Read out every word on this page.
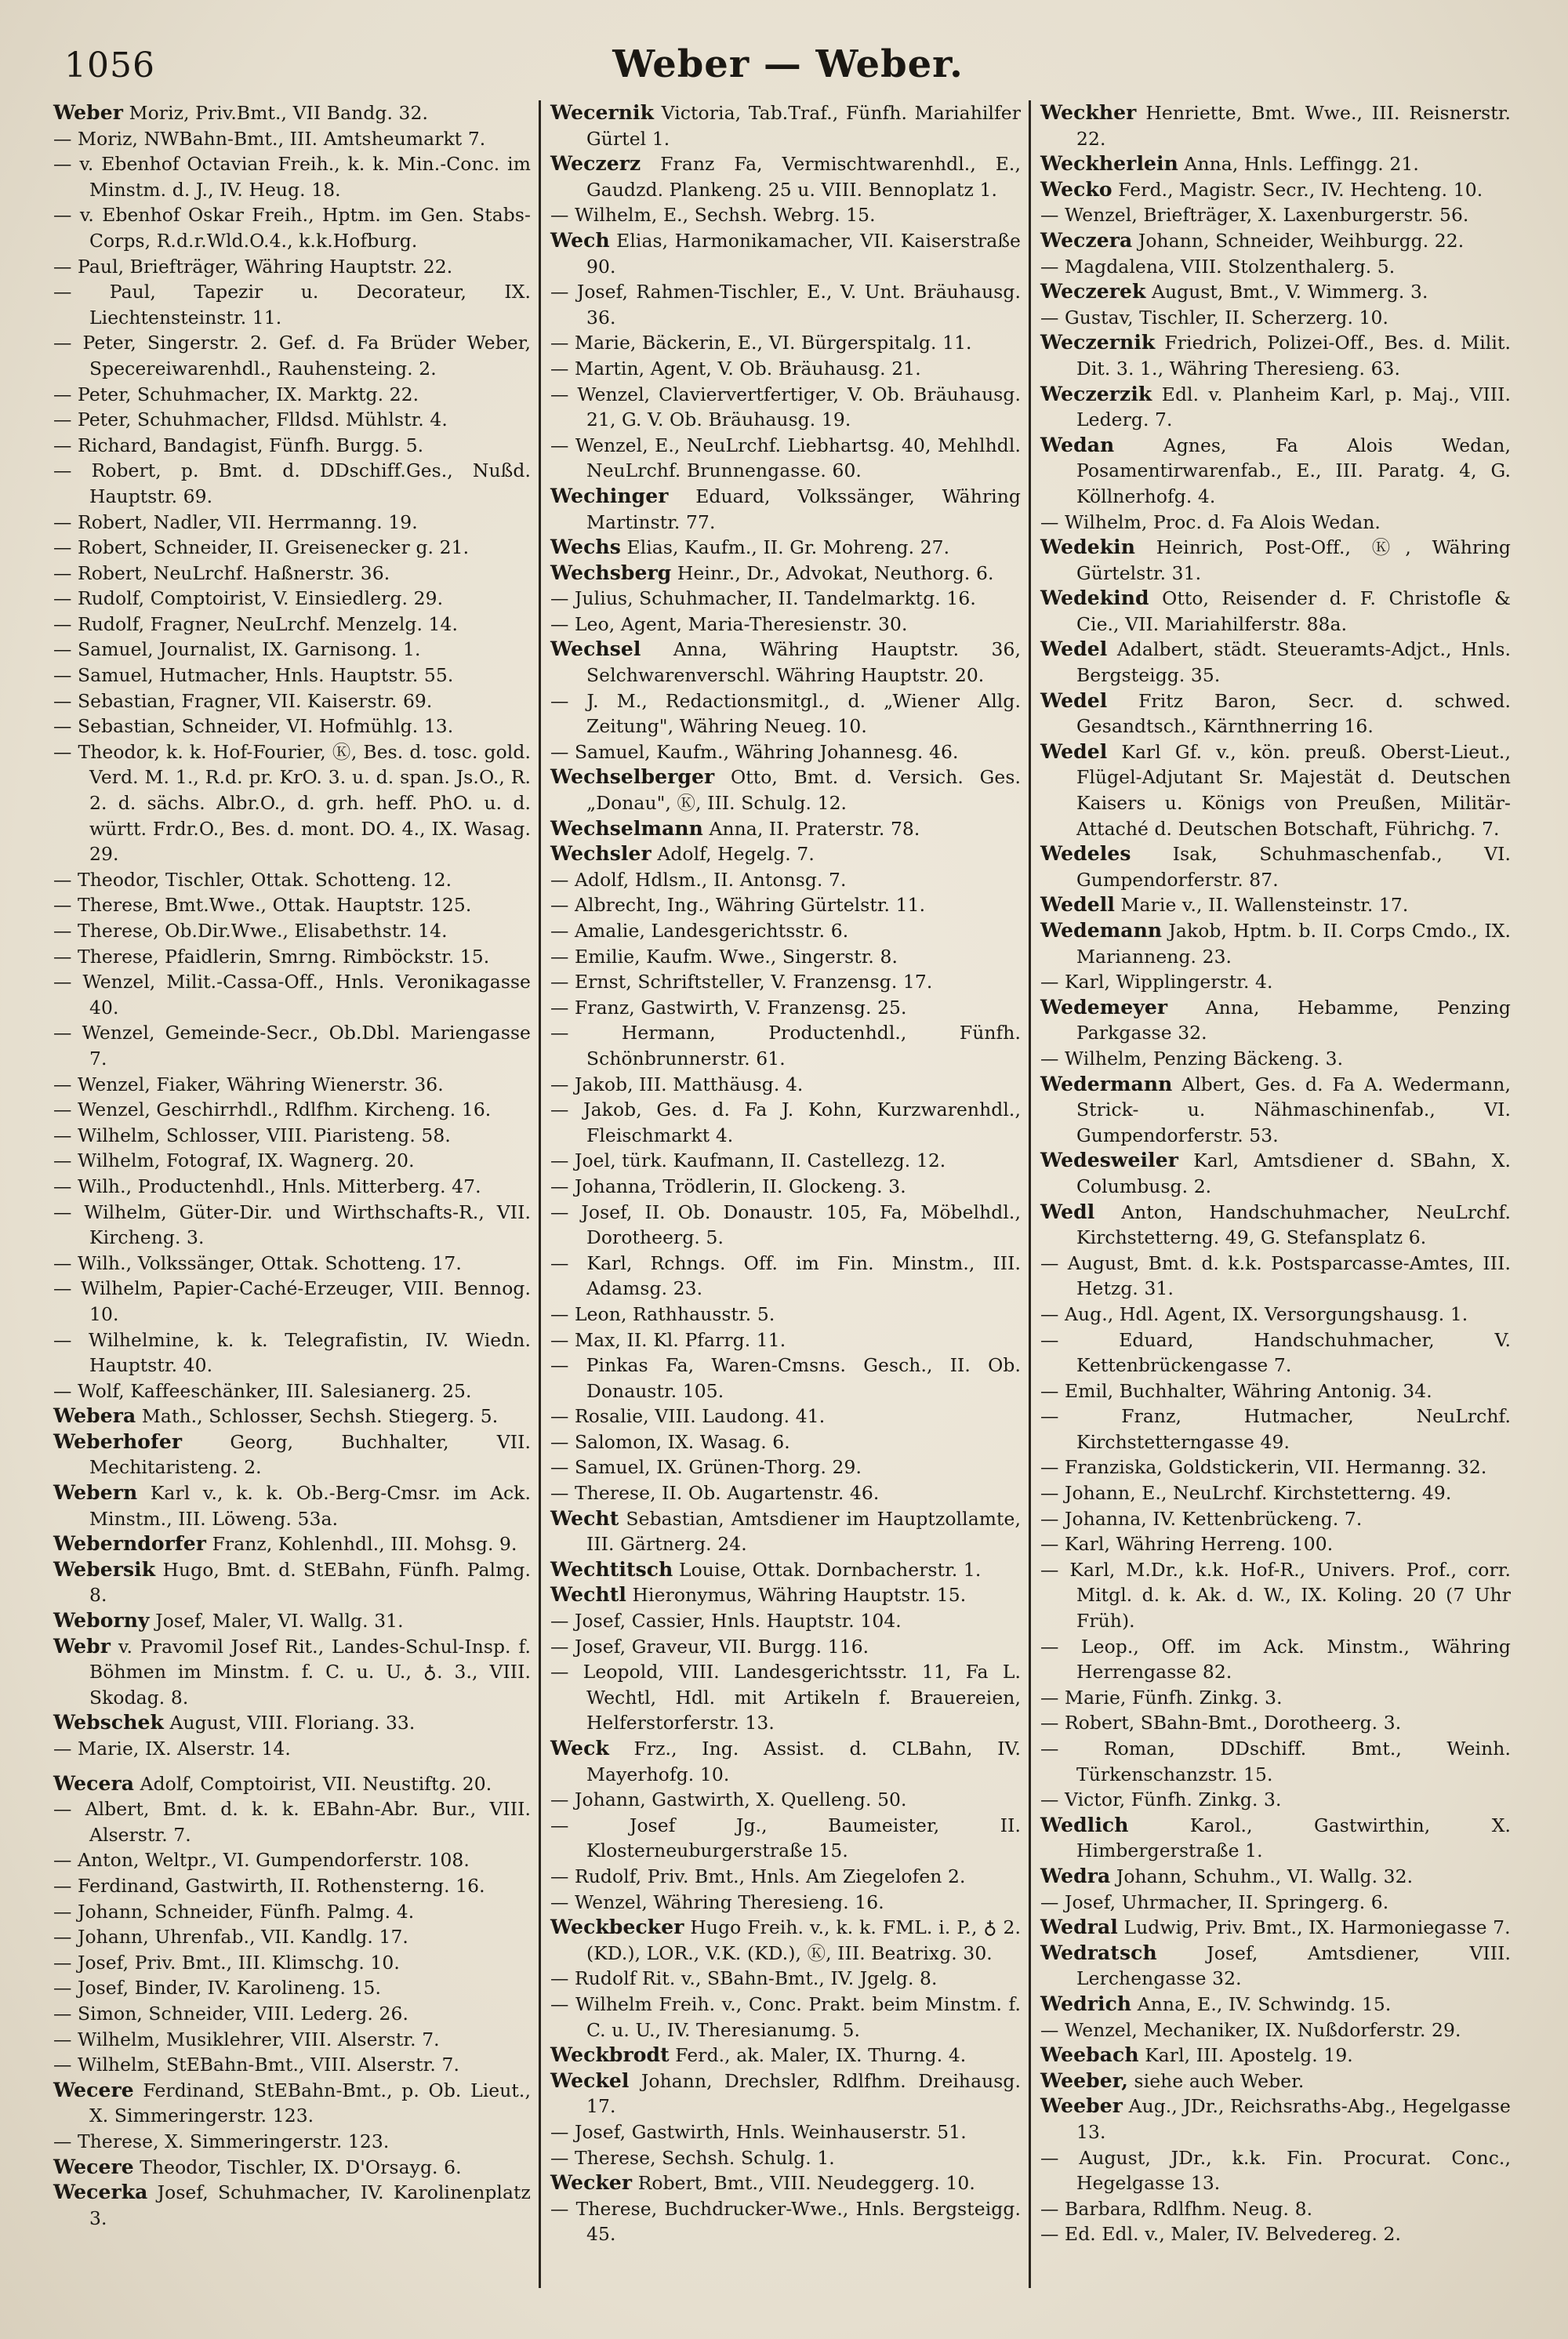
1056	Weber — Weber.
Weber Moriz, Priv.Bmt., VII Bandg. 32.
— Moriz, NWBahn-Bmt., III. Amtsheumarkt 7.
— v. Ebenhof Octavian Freih., k. k. Min.-Conc. im Minstm. d. J., IV. Heug. 18.
— v. Ebenhof Oskar Freih., Hptm. im Gen. Stabs-Corps, R.d.r.Wld.O.4., k.k.Hofburg.
— Paul, Briefträger, Währing Hauptstr. 22.
— Paul, Tapezir u. Decorateur, IX. Liechtensteinstr. 11.
— Peter, Singerstr. 2. Gef. d. Fa Brüder Weber, Specereiwarenhdl., Rauhensteing. 2.
— Peter, Schuhmacher, IX. Marktg. 22.
— Peter, Schuhmacher, Flldsd. Mühlstr. 4.
— Richard, Bandagist, Fünfh. Burgg. 5.
— Robert, p. Bmt. d. DDschiff.Ges., Nußd. Hauptstr. 69.
— Robert, Nadler, VII. Herrmanng. 19.
— Robert, Schneider, II. Greisenecker g. 21.
— Robert, NeuLrchf. Haßnerstr. 36.
— Rudolf, Comptoirist, V. Einsiedlerg. 29.
— Rudolf, Fragner, NeuLrchf. Menzelg. 14.
— Samuel, Journalist, IX. Garnisong. 1.
— Samuel, Hutmacher, Hnls. Hauptstr. 55.
— Sebastian, Fragner, VII. Kaiserstr. 69.
— Sebastian, Schneider, VI. Hofmühlg. 13.
— Theodor, k. k. Hof-Fourier, Ⓚ, Bes. d. tosc. gold. Verd. M. 1., R.d. pr. KrO. 3. u. d. span. Js.O., R. 2. d. sächs. Albr.O., d. grh. heff. PhO. u. d. württ. Frdr.O., Bes. d. mont. DO. 4., IX. Wasag. 29.
— Theodor, Tischler, Ottak. Schotteng. 12.
— Therese, Bmt.Wwe., Ottak. Hauptstr. 125.
— Therese, Ob.Dir.Wwe., Elisabethstr. 14.
— Therese, Pfaidlerin, Smrng. Rimböckstr. 15.
— Wenzel, Milit.-Cassa-Off., Hnls. Veronikagasse 40.
— Wenzel, Gemeinde-Secr., Ob.Dbl. Mariengasse 7.
— Wenzel, Fiaker, Währing Wienerstr. 36.
— Wenzel, Geschirrhdl., Rdlfhm. Kircheng. 16.
— Wilhelm, Schlosser, VIII. Piaristeng. 58.
— Wilhelm, Fotograf, IX. Wagnerg. 20.
— Wilh., Productenhdl., Hnls. Mitterberg. 47.
— Wilhelm, Güter-Dir. und Wirthschafts-R., VII. Kircheng. 3.
— Wilh., Volkssänger, Ottak. Schotteng. 17.
— Wilhelm, Papier-Caché-Erzeuger, VIII. Bennog. 10.
— Wilhelmine, k. k. Telegrafistin, IV. Wiedn. Hauptstr. 40.
— Wolf, Kaffeeschänker, III. Salesianerg. 25.
Webera Math., Schlosser, Sechsh. Stiegerg. 5.
Weberhofer	Georg, Buchhalter, VII. Mechitaristeng. 2.
Webern Karl v., k. k. Ob.-Berg-Cmsr. im Ack. Minstm., III. Löweng. 53a.
Weberndorfer Franz, Kohlenhdl., III. Mohsg. 9.
Webersik Hugo, Bmt. d. StEBahn, Fünfh. Palmg. 8.
Weborny Josef, Maler, VI. Wallg. 31.
Webr v. Pravomil Josef Rit., Landes-Schul-Insp. f. Böhmen im Minstm. f. C. u. U., ♁. 3., VIII. Skodag. 8.
Webschek August, VIII. Floriang. 33.
— Marie, IX. Alserstr. 14.
Wecera Adolf, Comptoirist, VII. Neustiftg. 20.
— Albert, Bmt. d. k. k. EBahn-Abr. Bur., VIII. Alserstr. 7.
— Anton, Weltpr., VI. Gumpendorferstr. 108.
— Ferdinand, Gastwirth, II. Rothensterng. 16.
— Johann, Schneider, Fünfh. Palmg. 4.
— Johann, Uhrenfab., VII. Kandlg. 17.
— Josef, Priv. Bmt., III. Klimschg. 10.
— Josef, Binder, IV. Karolineng. 15.
— Simon, Schneider, VIII. Lederg. 26.
— Wilhelm, Musiklehrer, VIII. Alserstr. 7.
— Wilhelm, StEBahn-Bmt., VIII. Alserstr. 7.
Wecere Ferdinand, StEBahn-Bmt., p. Ob. Lieut., X. Simmeringerstr. 123.
— Therese, X. Simmeringerstr. 123.
Wecere Theodor, Tischler, IX. D'Orsayg. 6.
Wecerka Josef, Schuhmacher, IV. Karolinenplatz 3.
Wecernik Victoria, Tab.Traf., Fünfh. Mariahilfer Gürtel 1.
Weczerz Franz Fa, Vermischtwarenhdl., E., Gaudzd. Plankeng. 25 u. VIII. Bennoplatz 1.
— Wilhelm, E., Sechsh. Webrg. 15.
Wech Elias, Harmonikamacher, VII. Kaiserstraße 90.
— Josef, Rahmen-Tischler, E., V. Unt. Bräuhausg. 36.
— Marie, Bäckerin, E., VI. Bürgerspitalg. 11.
— Martin, Agent, V. Ob. Bräuhausg. 21.
— Wenzel, Claviervertfertiger, V. Ob. Bräuhausg. 21, G. V. Ob. Bräuhausg. 19.
— Wenzel, E., NeuLrchf. Liebhartsg. 40, Mehlhdl. NeuLrchf. Brunnengasse. 60.
Wechinger Eduard, Volkssänger, Währing Martinstr. 77.
Wechs Elias, Kaufm., II. Gr. Mohreng. 27.
Wechsberg Heinr., Dr., Advokat, Neuthorg. 6.
— Julius, Schuhmacher, II. Tandelmarktg. 16.
— Leo, Agent, Maria-Theresienstr. 30.
Wechsel Anna, Währing Hauptstr. 36, Selchwarenverschl. Währing Hauptstr. 20.
— J. M., Redactionsmitgl., d. „Wiener Allg. Zeitung", Währing Neueg. 10.
— Samuel, Kaufm., Währing Johannesg. 46.
Wechselberger Otto, Bmt. d. Versich. Ges. „Donau", Ⓚ, III. Schulg. 12.
Wechselmann Anna, II. Praterstr. 78.
Wechsler Adolf, Hegelg. 7.
— Adolf, Hdlsm., II. Antonsg. 7.
— Albrecht, Ing., Währing Gürtelstr. 11.
— Amalie, Landesgerichtsstr. 6.
— Emilie, Kaufm. Wwe., Singerstr. 8.
— Ernst, Schriftsteller, V. Franzensg. 17.
— Franz, Gastwirth, V. Franzensg. 25.
— Hermann, Productenhdl., Fünfh. Schönbrunnerstr. 61.
— Jakob, III. Matthäusg. 4.
— Jakob, Ges. d. Fa J. Kohn, Kurzwarenhdl., Fleischmarkt 4.
— Joel, türk. Kaufmann, II. Castellezg. 12.
— Johanna, Trödlerin, II. Glockeng. 3.
— Josef, II. Ob. Donaustr. 105, Fa, Möbelhdl., Dorotheerg. 5.
— Karl, Rchngs. Off. im Fin. Minstm., III. Adamsg. 23.
— Leon, Rathhausstr. 5.
— Max, II. Kl. Pfarrg. 11.
— Pinkas Fa, Waren-Cmsns. Gesch., II. Ob. Donaustr. 105.
— Rosalie, VIII. Laudong. 41.
— Salomon, IX. Wasag. 6.
— Samuel, IX. Grünen-Thorg. 29.
— Therese, II. Ob. Augartenstr. 46.
Wecht Sebastian, Amtsdiener im Hauptzollamte, III. Gärtnerg. 24.
Wechtitsch Louise, Ottak. Dornbacherstr. 1.
Wechtl Hieronymus, Währing Hauptstr. 15.
— Josef, Cassier, Hnls. Hauptstr. 104.
— Josef, Graveur, VII. Burgg. 116.
— Leopold, VIII. Landesgerichtsstr. 11, Fa L. Wechtl, Hdl. mit Artikeln f. Brauereien, Helferstorferstr. 13.
Weck Frz., Ing. Assist. d. CLBahn, IV. Mayerhofg. 10.
— Johann, Gastwirth, X. Quelleng. 50.
— Josef Jg., Baumeister, II. Klosterneuburgerstraße 15.
— Rudolf, Priv. Bmt., Hnls. Am Ziegelofen 2.
— Wenzel, Währing Theresieng. 16.
Weckbecker Hugo Freih. v., k. k. FML. i. P., ♁ 2. (KD.), LOR., V.K. (KD.), Ⓚ, III. Beatrixg. 30.
— Rudolf Rit. v., SBahn-Bmt., IV. Jgelg. 8.
— Wilhelm Freih. v., Conc. Prakt. beim Minstm. f. C. u. U., IV. Theresianumg. 5.
Weckbrodt Ferd., ak. Maler, IX. Thurng. 4.
Weckel Johann, Drechsler, Rdlfhm. Dreihausg. 17.
— Josef, Gastwirth, Hnls. Weinhauserstr. 51.
— Therese, Sechsh. Schulg. 1.
Wecker Robert, Bmt., VIII. Neudeggerg. 10.
— Therese, Buchdrucker-Wwe., Hnls. Bergsteigg. 45.
Weckher Henriette, Bmt. Wwe., III. Reisnerstr. 22.
Weckherlein Anna, Hnls. Leffingg. 21.
Wecko Ferd., Magistr. Secr., IV. Hechteng. 10.
— Wenzel, Briefträger, X. Laxenburgerstr. 56.
Weczera Johann, Schneider, Weihburgg. 22.
— Magdalena, VIII. Stolzenthalerg. 5.
Weczerek August, Bmt., V. Wimmerg. 3.
— Gustav, Tischler, II. Scherzerg. 10.
Weczernik Friedrich, Polizei-Off., Bes. d. Milit. Dit. 3. 1., Währing Theresieng. 63.
Weczerzik Edl. v. Planheim Karl, p. Maj., VIII. Lederg. 7.
Wedan	Agnes, Fa Alois Wedan, Posamentirwarenfab., E., III. Paratg. 4, G. Köllnerhofg. 4.
— Wilhelm, Proc. d. Fa Alois Wedan.
Wedekin Heinrich, Post-Off., Ⓚ, Währing Gürtelstr. 31.
Wedekind Otto, Reisender d. F. Christofle & Cie., VII. Mariahilferstr. 88a.
Wedel Adalbert, städt. Steueramts-Adjct., Hnls. Bergsteigg. 35.
Wedel Fritz Baron, Secr. d. schwed. Gesandtsch., Kärnthnerring 16.
Wedel Karl Gf. v., kön. preuß. Oberst-Lieut., Flügel-Adjutant Sr. Majestät d. Deutschen Kaisers u. Königs von Preußen, Militär-Attaché d. Deutschen Botschaft, Führichg. 7.
Wedeles Isak, Schuhmaschenfab., VI. Gumpendorferstr. 87.
Wedell Marie v., II. Wallensteinstr. 17.
Wedemann Jakob, Hptm. b. II. Corps Cmdo., IX. Marianneng. 23.
— Karl, Wipplingerstr. 4.
Wedemeyer Anna, Hebamme, Penzing Parkgasse 32.
— Wilhelm, Penzing Bäckeng. 3.
Wedermann Albert, Ges. d. Fa A. Wedermann, Strick- u. Nähmaschinenfab., VI. Gumpendorferstr. 53.
Wedesweiler Karl, Amtsdiener d. SBahn, X. Columbusg. 2.
Wedl Anton, Handschuhmacher, NeuLrchf. Kirchstetterng. 49, G. Stefansplatz 6.
— August, Bmt. d. k.k. Postsparcasse-Amtes, III. Hetzg. 31.
— Aug., Hdl. Agent, IX. Versorgungshausg. 1.
— Eduard, Handschuhmacher, V. Kettenbrückengasse 7.
— Emil, Buchhalter, Währing Antonig. 34.
— Franz, Hutmacher, NeuLrchf. Kirchstetterngasse 49.
— Franziska, Goldstickerin, VII. Hermanng. 32.
— Johann, E., NeuLrchf. Kirchstetterng. 49.
— Johanna, IV. Kettenbrückeng. 7.
— Karl, Währing Herreng. 100.
— Karl, M.Dr., k.k. Hof-R., Univers. Prof., corr. Mitgl. d. k. Ak. d. W., IX. Koling. 20 (7 Uhr Früh).
— Leop., Off. im Ack. Minstm., Währing Herrengasse 82.
— Marie, Fünfh. Zinkg. 3.
— Robert, SBahn-Bmt., Dorotheerg. 3.
— Roman, DDschiff. Bmt., Weinh. Türkenschanzstr. 15.
— Victor, Fünfh. Zinkg. 3.
Wedlich	Karol., Gastwirthin, X. Himbergerstraße 1.
Wedra Johann, Schuhm., VI. Wallg. 32.
— Josef, Uhrmacher, II. Springerg. 6.
Wedral Ludwig, Priv. Bmt., IX. Harmoniegasse 7.
Wedratsch	Josef, Amtsdiener, VIII. Lerchengasse 32.
Wedrich Anna, E., IV. Schwindg. 15.
— Wenzel, Mechaniker, IX. Nußdorferstr. 29.
Weebach Karl, III. Apostelg. 19.
Weeber, siehe auch Weber.
Weeber Aug., JDr., Reichsraths-Abg., Hegelgasse 13.
— August, JDr., k.k. Fin. Procurat. Conc., Hegelgasse 13.
— Barbara, Rdlfhm. Neug. 8.
— Ed. Edl. v., Maler, IV. Belvedereg. 2.
